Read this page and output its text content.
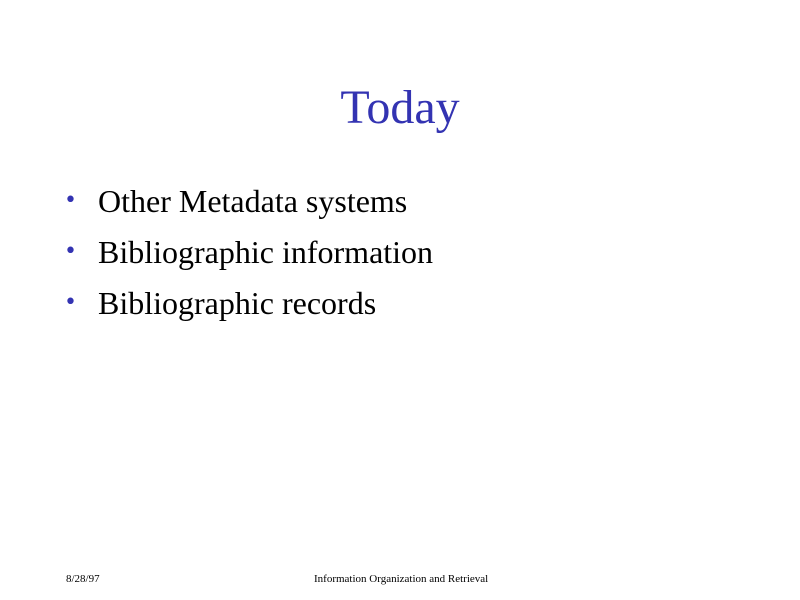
Today
• Other Metadata systems
• Bibliographic information
• Bibliographic records
8/28/97	Information Organization and Retrieval
